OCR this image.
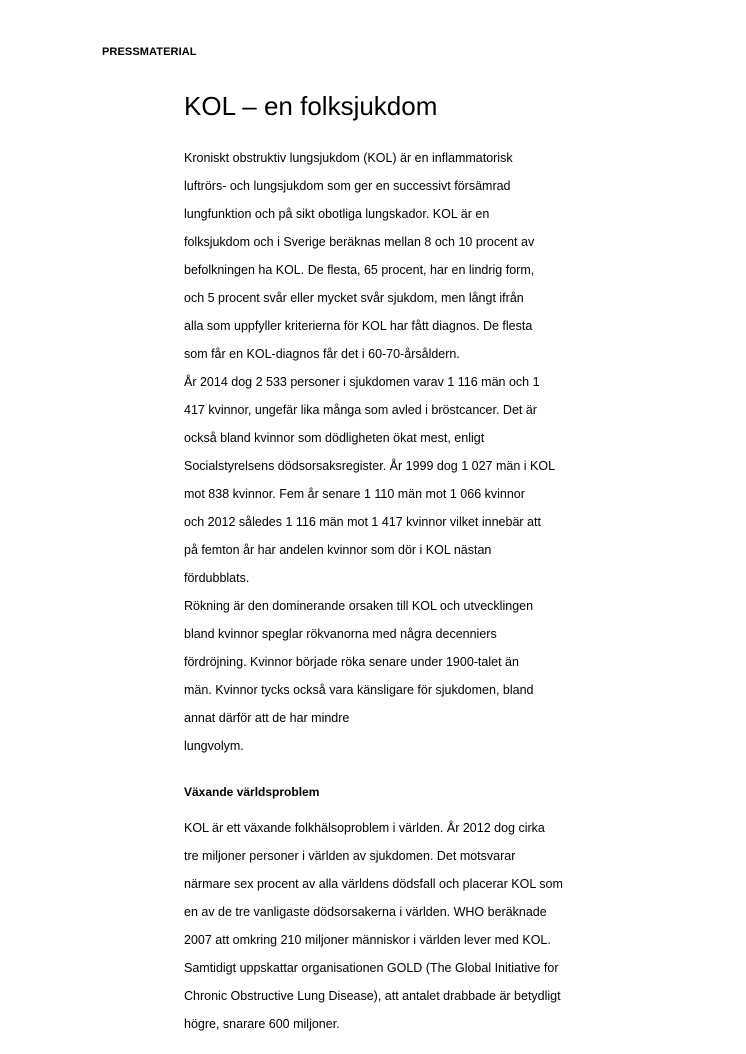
PRESSMATERIAL
KOL – en folksjukdom

Kroniskt obstruktiv lungsjukdom (KOL) är en inflammatorisk
luftrörs- och lungsjukdom som ger en successivt försämrad
lungfunktion och på sikt obotliga lungskador. KOL är en
folksjukdom och i Sverige beräknas mellan 8 och 10 procent av
befolkningen ha KOL. De flesta, 65 procent, har en lindrig form,
och 5 procent svår eller mycket svår sjukdom, men långt ifrån
alla som uppfyller kriterierna för KOL har fått diagnos. De flesta
som får en KOL-diagnos får det i 60-70-årsåldern.

År 2014 dog 2 533 personer i sjukdomen varav 1 116 män och 1
417 kvinnor, ungefär lika många som avled i bröstcancer. Det är
också bland kvinnor som dödligheten ökat mest, enligt
Socialstyrelsens dödsorsaksregister. År 1999 dog 1 027 män i KOL
mot 838 kvinnor. Fem år senare 1 110 män mot 1 066 kvinnor
och 2012 således 1 116 män mot 1 417 kvinnor vilket innebär att
på femton år har andelen kvinnor som dör i KOL nästan
fördubblats.

Rökning är den dominerande orsaken till KOL och utvecklingen
bland kvinnor speglar rökvanorna med några decenniers
fördröjning. Kvinnor började röka senare under 1900-talet än
män. Kvinnor tycks också vara känsligare för sjukdomen, bland
annat därför att de har mindre
lungvolym.

Växande världsproblem

KOL är ett växande folkhälsoproblem i världen. År 2012 dog cirka
tre miljoner personer i världen av sjukdomen. Det motsvarar
närmare sex procent av alla världens dödsfall och placerar KOL som
en av de tre vanligaste dödsorsakerna i världen. WHO beräknade
2007 att omkring 210 miljoner människor i världen lever med KOL.
Samtidigt uppskattar organisationen GOLD (The Global Initiative for
Chronic Obstructive Lung Disease), att antalet drabbade är betydligt
högre, snarare 600 miljoner.
